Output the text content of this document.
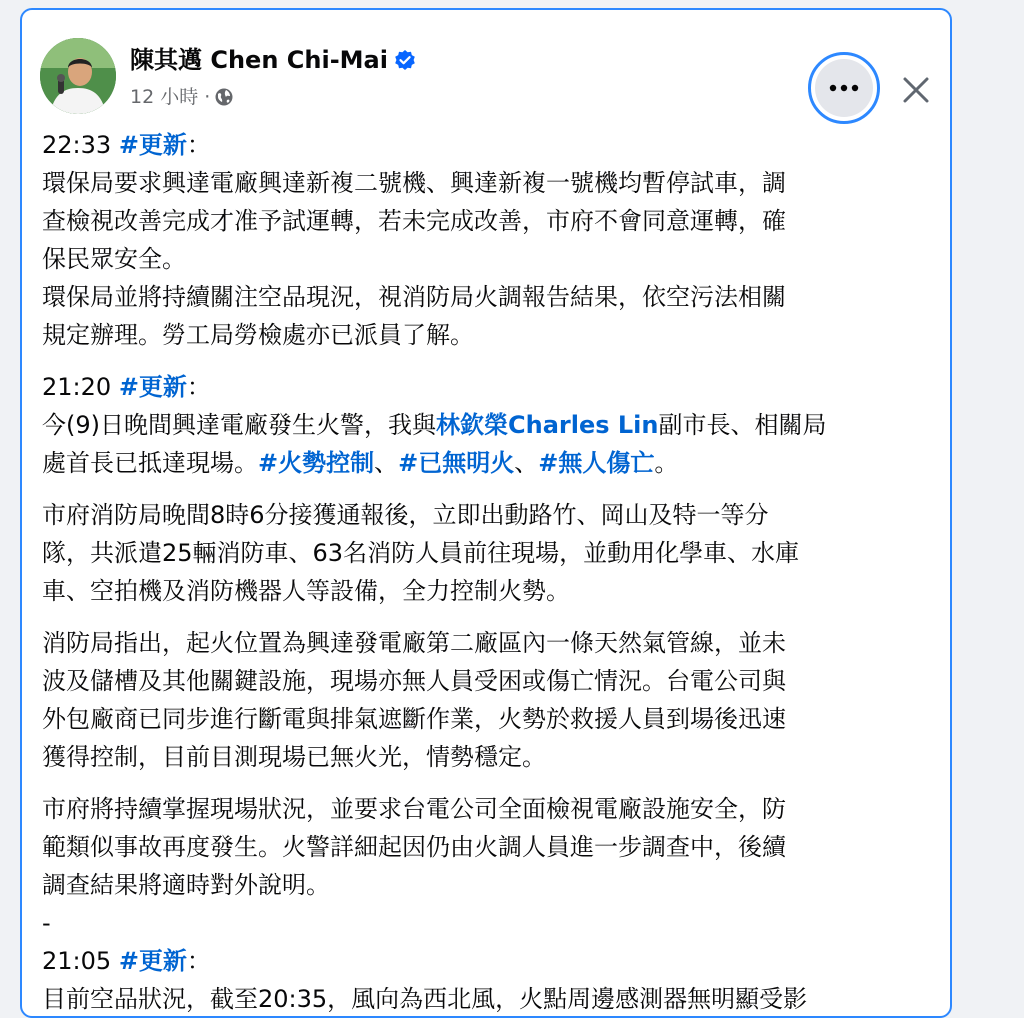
陳其邁 Chen Chi-Mai
12 小時 ·

22:33 #更新：
環保局要求興達電廠興達新複二號機、興達新複一號機均暫停試車，調
查檢視改善完成才准予試運轉，若未完成改善，市府不會同意運轉，確
保民眾安全。
環保局並將持續關注空品現況，視消防局火調報告結果，依空污法相關
規定辦理。勞工局勞檢處亦已派員了解。

21:20 #更新：
今(9)日晚間興達電廠發生火警，我與林欽榮Charles Lin副市長、相關局
處首長已抵達現場。#火勢控制、#已無明火、#無人傷亡。

市府消防局晚間8時6分接獲通報後，立即出動路竹、岡山及特一等分
隊，共派遣25輛消防車、63名消防人員前往現場，並動用化學車、水庫
車、空拍機及消防機器人等設備，全力控制火勢。

消防局指出，起火位置為興達發電廠第二廠區內一條天然氣管線，並未
波及儲槽及其他關鍵設施，現場亦無人員受困或傷亡情況。台電公司與
外包廠商已同步進行斷電與排氣遮斷作業，火勢於救援人員到場後迅速
獲得控制，目前目測現場已無火光，情勢穩定。

市府將持續掌握現場狀況，並要求台電公司全面檢視電廠設施安全，防
範類似事故再度發生。火警詳細起因仍由火調人員進一步調查中，後續
調查結果將適時對外說明。
-

21:05 #更新：
目前空品狀況，截至20:35，風向為西北風，火點周邊感測器無明顯受影
